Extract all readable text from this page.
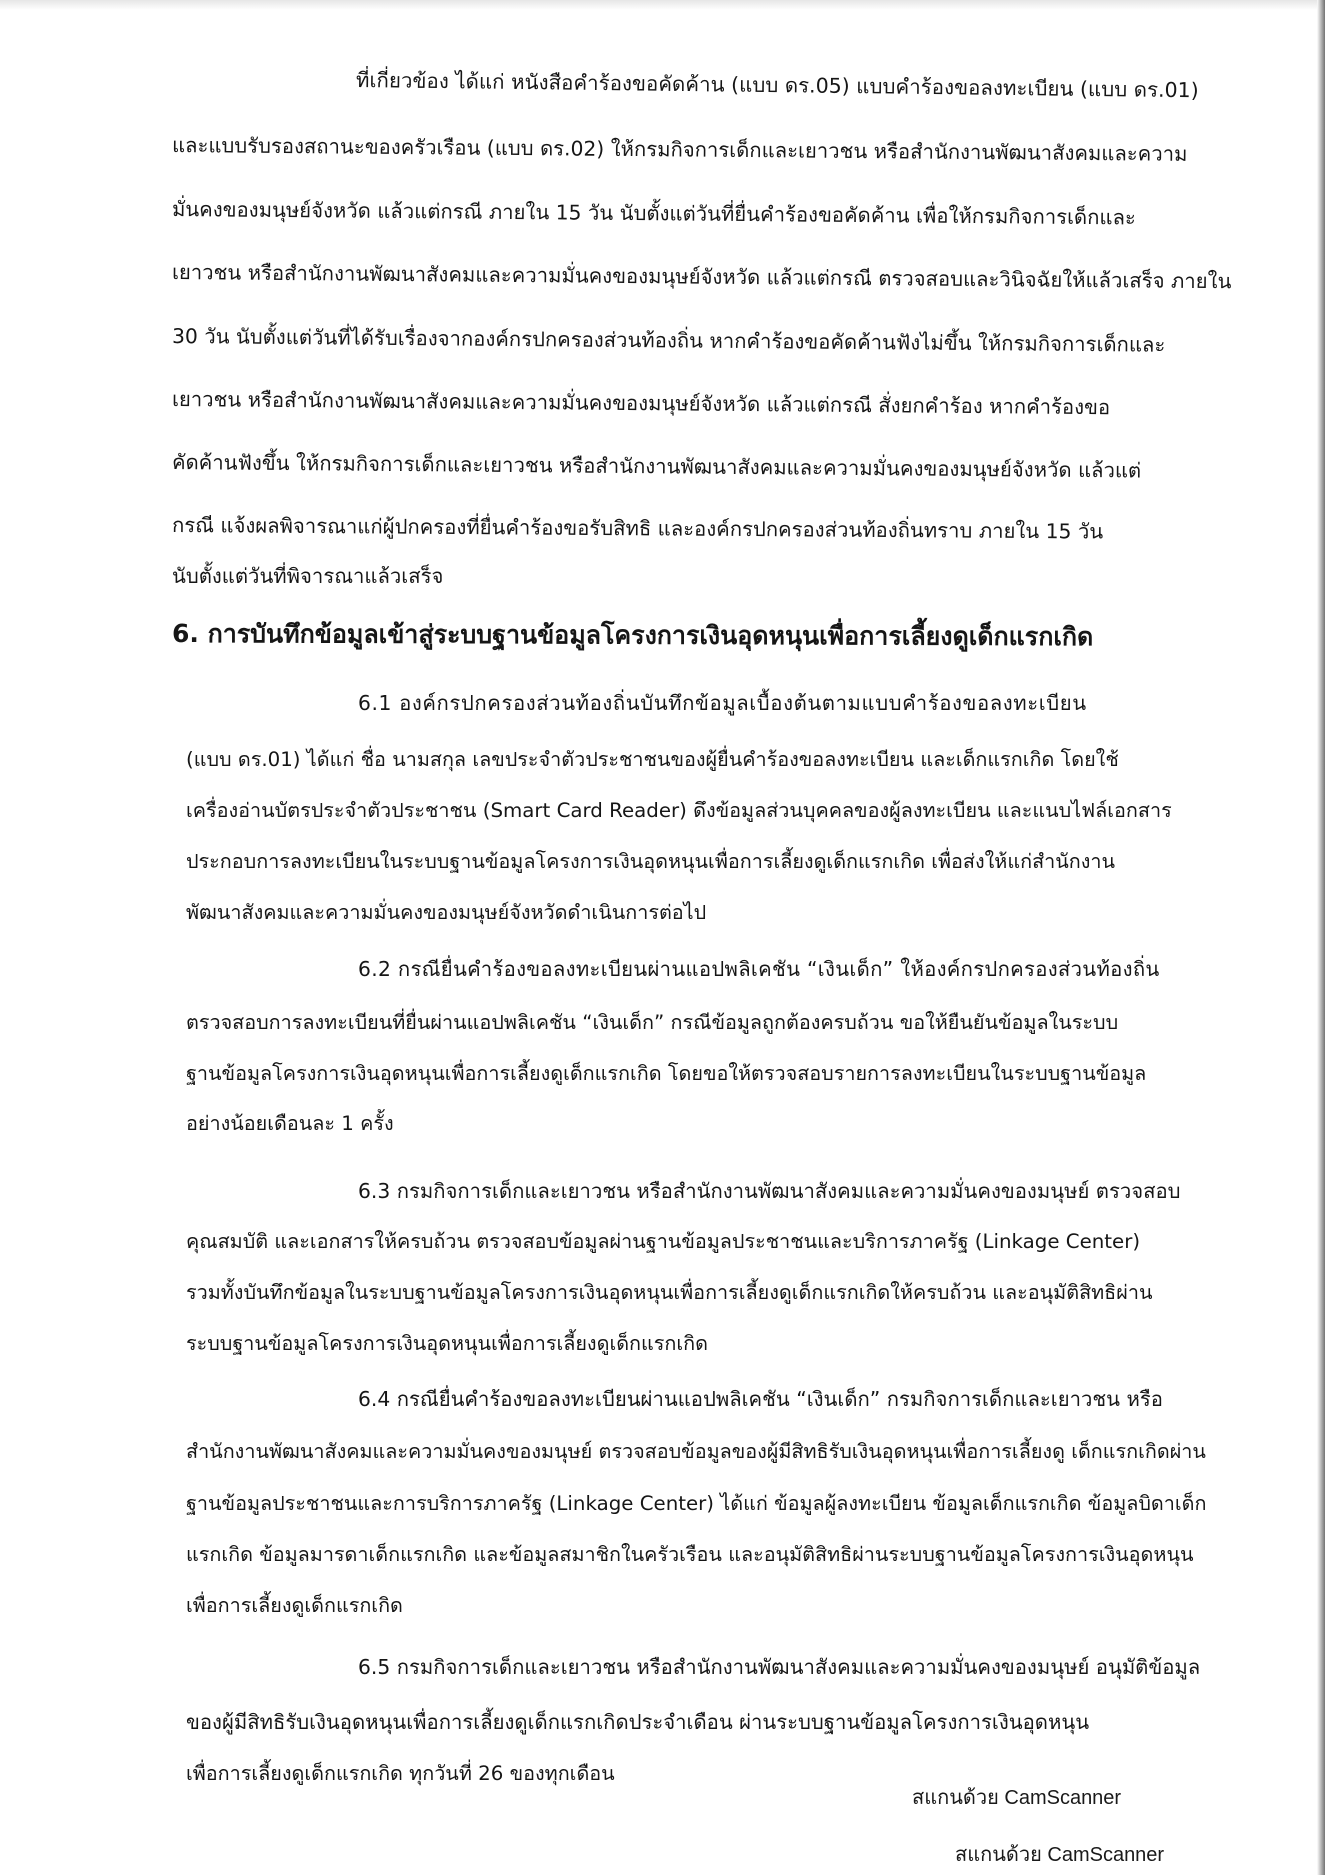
ที่เกี่ยวข้อง ได้แก่ หนังสือคำร้องขอคัดค้าน (แบบ ดร.05) แบบคำร้องขอลงทะเบียน (แบบ ดร.01)
และแบบรับรองสถานะของครัวเรือน (แบบ ดร.02) ให้กรมกิจการเด็กและเยาวชน หรือสำนักงานพัฒนาสังคมและความ
มั่นคงของมนุษย์จังหวัด แล้วแต่กรณี ภายใน 15 วัน นับตั้งแต่วันที่ยื่นคำร้องขอคัดค้าน เพื่อให้กรมกิจการเด็กและ
เยาวชน หรือสำนักงานพัฒนาสังคมและความมั่นคงของมนุษย์จังหวัด แล้วแต่กรณี ตรวจสอบและวินิจฉัยให้แล้วเสร็จ ภายใน
30 วัน นับตั้งแต่วันที่ได้รับเรื่องจากองค์กรปกครองส่วนท้องถิ่น หากคำร้องขอคัดค้านฟังไม่ขึ้น ให้กรมกิจการเด็กและ
เยาวชน หรือสำนักงานพัฒนาสังคมและความมั่นคงของมนุษย์จังหวัด แล้วแต่กรณี สั่งยกคำร้อง หากคำร้องขอ
คัดค้านฟังขึ้น ให้กรมกิจการเด็กและเยาวชน หรือสำนักงานพัฒนาสังคมและความมั่นคงของมนุษย์จังหวัด แล้วแต่
กรณี แจ้งผลพิจารณาแก่ผู้ปกครองที่ยื่นคำร้องขอรับสิทธิ และองค์กรปกครองส่วนท้องถิ่นทราบ ภายใน 15 วัน
นับตั้งแต่วันที่พิจารณาแล้วเสร็จ
6. การบันทึกข้อมูลเข้าสู่ระบบฐานข้อมูลโครงการเงินอุดหนุนเพื่อการเลี้ยงดูเด็กแรกเกิด
6.1 องค์กรปกครองส่วนท้องถิ่นบันทึกข้อมูลเบื้องต้นตามแบบคำร้องขอลงทะเบียน
(แบบ ดร.01) ได้แก่ ชื่อ นามสกุล เลขประจำตัวประชาชนของผู้ยื่นคำร้องขอลงทะเบียน และเด็กแรกเกิด โดยใช้
เครื่องอ่านบัตรประจำตัวประชาชน (Smart Card Reader) ดึงข้อมูลส่วนบุคคลของผู้ลงทะเบียน และแนบไฟล์เอกสาร
ประกอบการลงทะเบียนในระบบฐานข้อมูลโครงการเงินอุดหนุนเพื่อการเลี้ยงดูเด็กแรกเกิด เพื่อส่งให้แก่สำนักงาน
พัฒนาสังคมและความมั่นคงของมนุษย์จังหวัดดำเนินการต่อไป
6.2 กรณียื่นคำร้องขอลงทะเบียนผ่านแอปพลิเคชัน “เงินเด็ก” ให้องค์กรปกครองส่วนท้องถิ่น
ตรวจสอบการลงทะเบียนที่ยื่นผ่านแอปพลิเคชัน “เงินเด็ก” กรณีข้อมูลถูกต้องครบถ้วน ขอให้ยืนยันข้อมูลในระบบ
ฐานข้อมูลโครงการเงินอุดหนุนเพื่อการเลี้ยงดูเด็กแรกเกิด โดยขอให้ตรวจสอบรายการลงทะเบียนในระบบฐานข้อมูล
อย่างน้อยเดือนละ 1 ครั้ง
6.3 กรมกิจการเด็กและเยาวชน หรือสำนักงานพัฒนาสังคมและความมั่นคงของมนุษย์ ตรวจสอบ
คุณสมบัติ และเอกสารให้ครบถ้วน ตรวจสอบข้อมูลผ่านฐานข้อมูลประชาชนและบริการภาครัฐ (Linkage Center)
รวมทั้งบันทึกข้อมูลในระบบฐานข้อมูลโครงการเงินอุดหนุนเพื่อการเลี้ยงดูเด็กแรกเกิดให้ครบถ้วน และอนุมัติสิทธิผ่าน
ระบบฐานข้อมูลโครงการเงินอุดหนุนเพื่อการเลี้ยงดูเด็กแรกเกิด
6.4 กรณียื่นคำร้องขอลงทะเบียนผ่านแอปพลิเคชัน “เงินเด็ก” กรมกิจการเด็กและเยาวชน หรือ
สำนักงานพัฒนาสังคมและความมั่นคงของมนุษย์ ตรวจสอบข้อมูลของผู้มีสิทธิรับเงินอุดหนุนเพื่อการเลี้ยงดู เด็กแรกเกิดผ่าน
ฐานข้อมูลประชาชนและการบริการภาครัฐ (Linkage Center) ได้แก่ ข้อมูลผู้ลงทะเบียน ข้อมูลเด็กแรกเกิด ข้อมูลบิดาเด็ก
แรกเกิด ข้อมูลมารดาเด็กแรกเกิด และข้อมูลสมาชิกในครัวเรือน และอนุมัติสิทธิผ่านระบบฐานข้อมูลโครงการเงินอุดหนุน
เพื่อการเลี้ยงดูเด็กแรกเกิด
6.5 กรมกิจการเด็กและเยาวชน หรือสำนักงานพัฒนาสังคมและความมั่นคงของมนุษย์ อนุมัติข้อมูล
ของผู้มีสิทธิรับเงินอุดหนุนเพื่อการเลี้ยงดูเด็กแรกเกิดประจำเดือน ผ่านระบบฐานข้อมูลโครงการเงินอุดหนุน
เพื่อการเลี้ยงดูเด็กแรกเกิด ทุกวันที่ 26 ของทุกเดือน
สแกนด้วย CamScanner
สแกนด้วย CamScanner
